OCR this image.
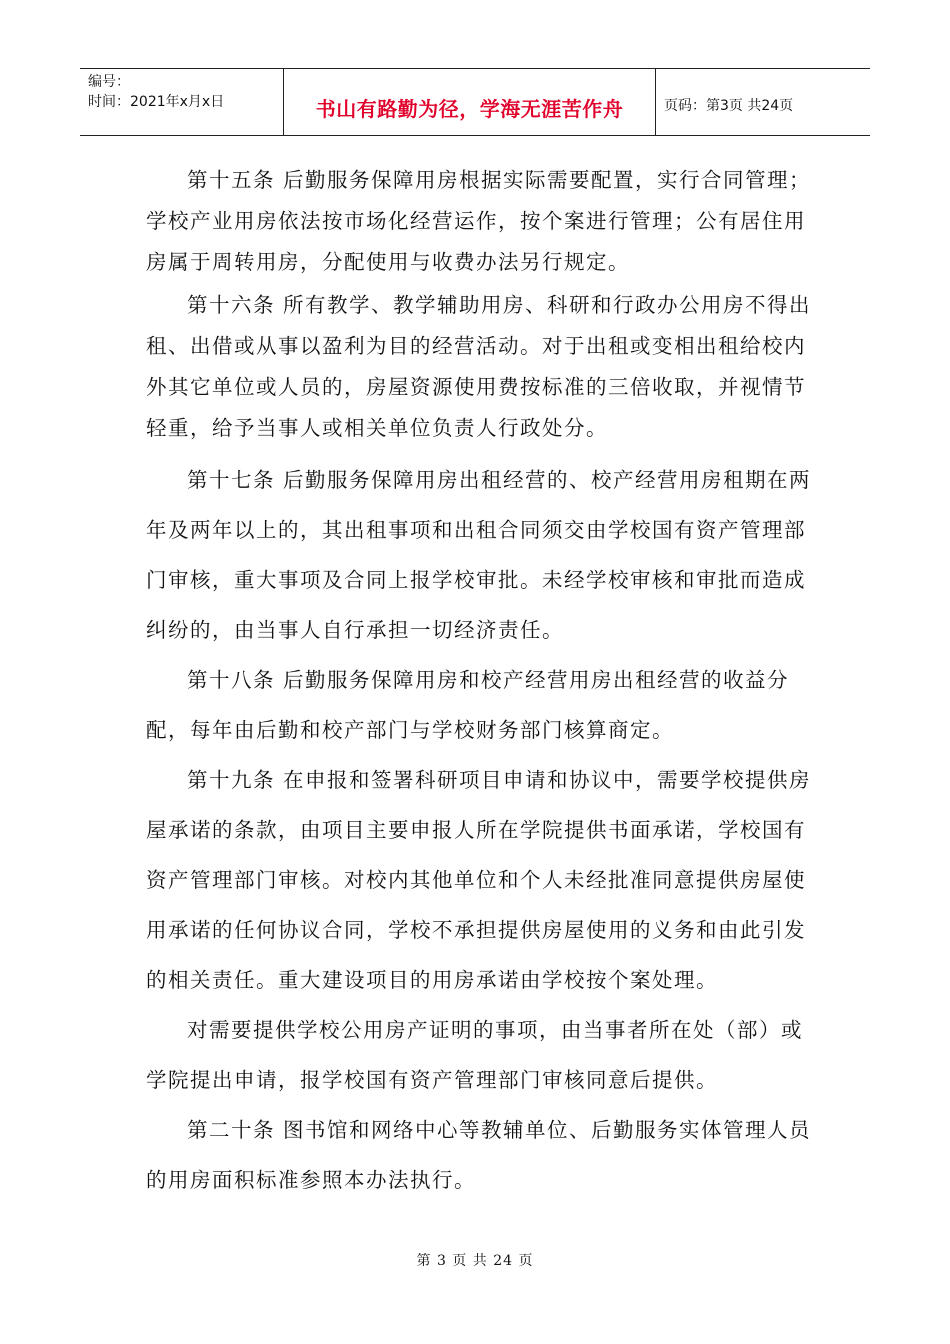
编号：
时间：2021年x月x日	书山有路勤为径，学海无涯苦作舟	页码：第3页 共24页

第十五条 后勤服务保障用房根据实际需要配置，实行合同管理；学校产业用房依法按市场化经营运作，按个案进行管理；公有居住用房属于周转用房，分配使用与收费办法另行规定。

第十六条 所有教学、教学辅助用房、科研和行政办公用房不得出租、出借或从事以盈利为目的经营活动。对于出租或变相出租给校内外其它单位或人员的，房屋资源使用费按标准的三倍收取，并视情节轻重，给予当事人或相关单位负责人行政处分。

第十七条 后勤服务保障用房出租经营的、校产经营用房租期在两年及两年以上的，其出租事项和出租合同须交由学校国有资产管理部门审核，重大事项及合同上报学校审批。未经学校审核和审批而造成纠纷的，由当事人自行承担一切经济责任。

第十八条 后勤服务保障用房和校产经营用房出租经营的收益分配，每年由后勤和校产部门与学校财务部门核算商定。

第十九条 在申报和签署科研项目申请和协议中，需要学校提供房屋承诺的条款，由项目主要申报人所在学院提供书面承诺，学校国有资产管理部门审核。对校内其他单位和个人未经批准同意提供房屋使用承诺的任何协议合同，学校不承担提供房屋使用的义务和由此引发的相关责任。重大建设项目的用房承诺由学校按个案处理。

对需要提供学校公用房产证明的事项，由当事者所在处（部）或学院提出申请，报学校国有资产管理部门审核同意后提供。

第二十条 图书馆和网络中心等教辅单位、后勤服务实体管理人员的用房面积标准参照本办法执行。

第 3 页 共 24 页
